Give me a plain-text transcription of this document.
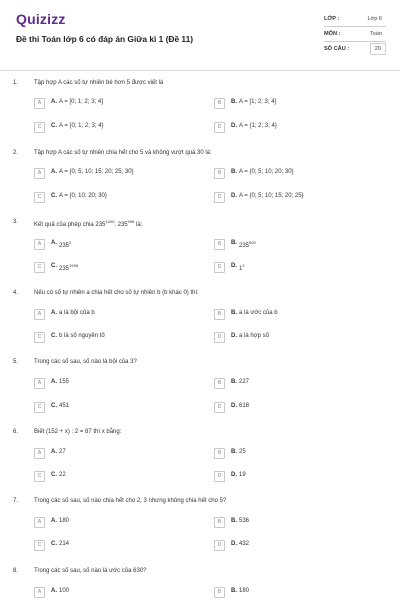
Quizizz
Đề thi Toán lớp 6 có đáp án Giữa kì 1 (Đề 11)
LỚP :	Lớp 6
MÔN :	Toán
SỐ CÂU :	20
1.	Tập hợp A các số tự nhiên bé hơn 5 được viết là
A	A. A = [0; 1; 2; 3; 4]	B	B. A = [1; 2; 3; 4]
C	C. A = {0; 1; 2; 3; 4}	D	D. A = {1; 2; 3; 4}
2.	Tập hợp A các số tự nhiên chia hết cho 5 và không vượt quá 30 là:
A	A. A = {0; 5; 10; 15; 20; 25; 30}	B	B. A = {0; 5; 10; 20; 30}
C	C. A = {0; 10; 20; 30}	D	D. A = {0; 5; 10; 15; 20; 25}
3.	Kết quả của phép chia $235^{1000}$: $235^{998}$ là:
A	A. $235^2$	B	B. $235^{500}$
C	C. $235^{1998}$	D	D. $1^2$
4.	Nếu có số tự nhiên a chia hết cho số tự nhiên b (b khác 0) thì:
A	A. a là bội của b	B	B. a là ước của b
C	C. b là số nguyên tố	D	D. a là hợp số
5.	Trong các số sau, số nào là bội của 3?
A	A. 155	B	B. 227
C	C. 451	D	D. 618
6.	Biết (152 + x) : 2 = 87 thì x bằng:
A	A. 27	B	B. 25
C	C. 22	D	D. 19
7.	Trong các số sau, số nào chia hết cho 2, 3 nhưng không chia hết cho 5?
A	A. 180	B	B. 536
C	C. 214	D	D. 432
8.	Trong các số sau, số nào là ước của 630?
A	A. 100	B	B. 180
